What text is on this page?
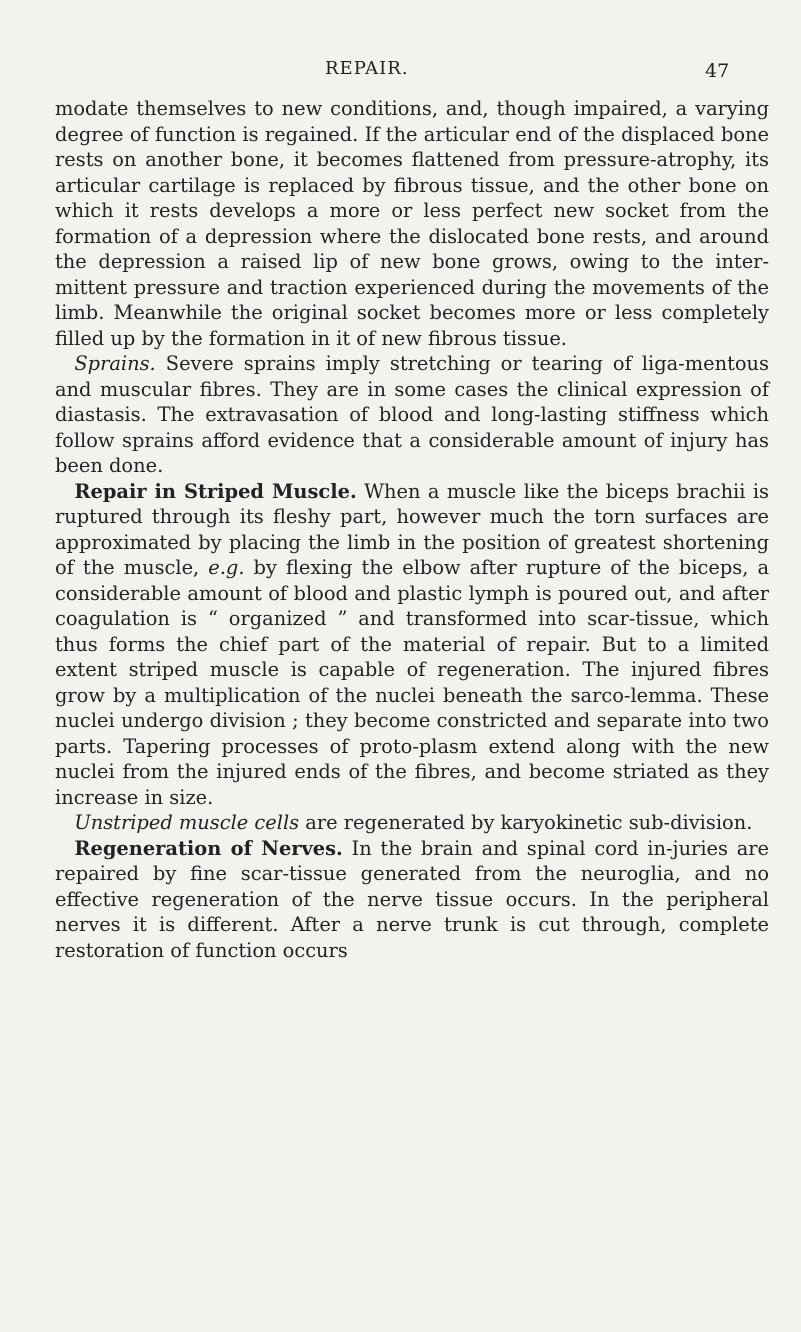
REPAIR.	47

modate themselves to new conditions, and, though impaired, a varying degree of function is regained. If the articular end of the displaced bone rests on another bone, it becomes flattened from pressure-atrophy, its articular cartilage is replaced by fibrous tissue, and the other bone on which it rests develops a more or less perfect new socket from the formation of a depression where the dislocated bone rests, and around the depression a raised lip of new bone grows, owing to the inter-mittent pressure and traction experienced during the movements of the limb. Meanwhile the original socket becomes more or less completely filled up by the formation in it of new fibrous tissue.

 Sprains. Severe sprains imply stretching or tearing of liga-mentous and muscular fibres. They are in some cases the clinical expression of diastasis. The extravasation of blood and long-lasting stiffness which follow sprains afford evidence that a considerable amount of injury has been done.

 Repair in Striped Muscle. When a muscle like the biceps brachii is ruptured through its fleshy part, however much the torn surfaces are approximated by placing the limb in the position of greatest shortening of the muscle, e.g. by flexing the elbow after rupture of the biceps, a considerable amount of blood and plastic lymph is poured out, and after coagulation is “ organized ” and transformed into scar-tissue, which thus forms the chief part of the material of repair. But to a limited extent striped muscle is capable of regeneration. The injured fibres grow by a multiplication of the nuclei beneath the sarco-lemma. These nuclei undergo division ; they become constricted and separate into two parts. Tapering processes of proto-plasm extend along with the new nuclei from the injured ends of the fibres, and become striated as they increase in size.

 Unstriped muscle cells are regenerated by karyokinetic sub-division.

 Regeneration of Nerves. In the brain and spinal cord in-juries are repaired by fine scar-tissue generated from the neuroglia, and no effective regeneration of the nerve tissue occurs. In the peripheral nerves it is different. After a nerve trunk is cut through, complete restoration of function occurs
